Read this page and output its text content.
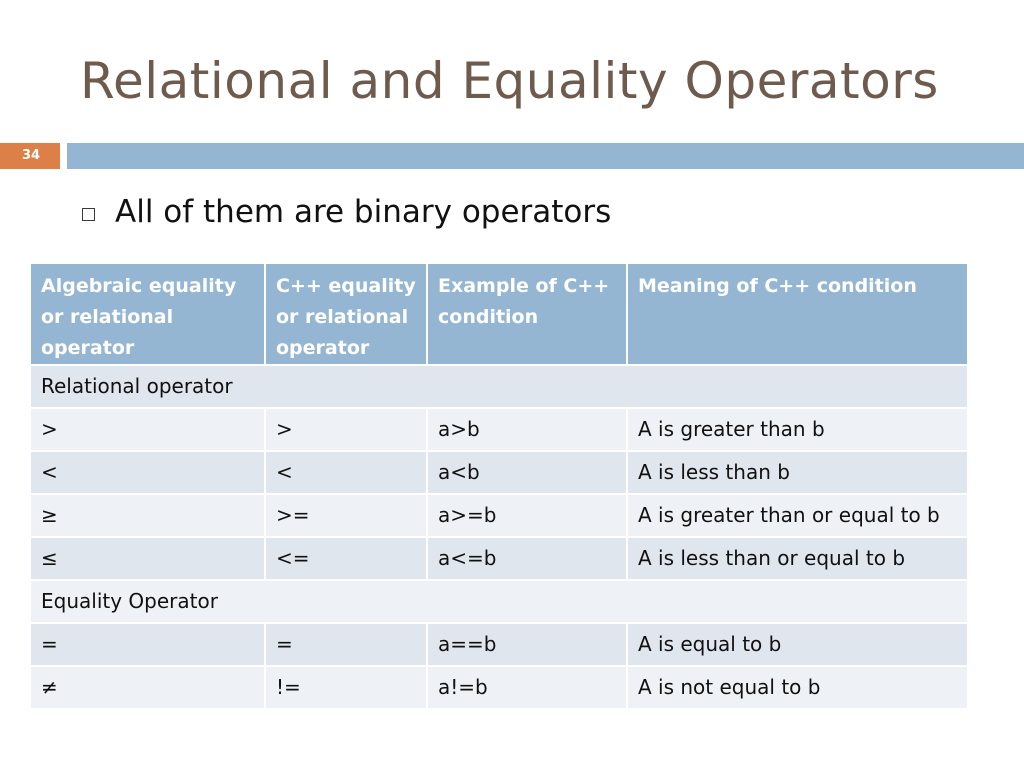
Relational and Equality Operators
34
All of them are binary operators
Algebraic equality or relational operator	C++ equality or relational operator	Example of C++ condition	Meaning of C++ condition
Relational operator			
>	>	a>b	A is greater than b
<	<	a<b	A is less than b
≥	>=	a>=b	A is greater than or equal to b
≤	<=	a<=b	A is less than or equal to b
Equality Operator			
=	=	a==b	A is equal to b
≠	!=	a!=b	A is not equal to b
